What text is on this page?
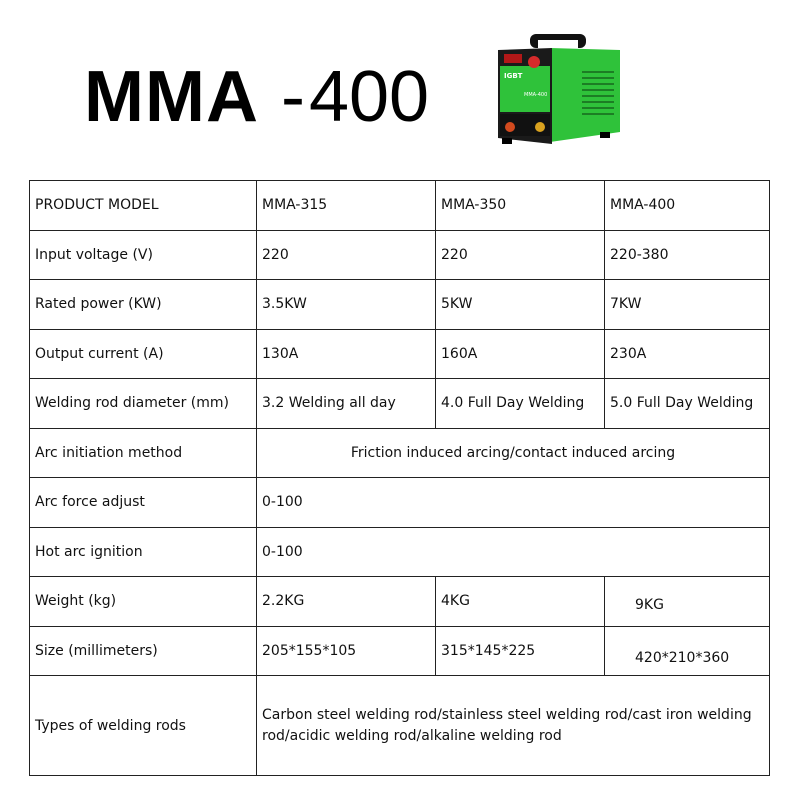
MMA -400	IGBT
MMA-400
PRODUCT MODEL	MMA-315	MMA-350	MMA-400
Input voltage (V)	220	220	220-380
Rated power (KW)	3.5KW	5KW	7KW
Output current (A)	130A	160A	230A
Welding rod diameter (mm)	3.2 Welding all day	4.0 Full Day Welding	5.0 Full Day Welding
Arc initiation method	Friction induced arcing/contact induced arcing		
Arc force adjust	0-100		
Hot arc ignition	0-100		
Weight (kg)	2.2KG	4KG	9KG
Size (millimeters)	205*155*105	315*145*225	420*210*360
Types of welding rods	Carbon steel welding rod/stainless steel welding rod/cast iron welding rod/acidic welding rod/alkaline welding rod		
